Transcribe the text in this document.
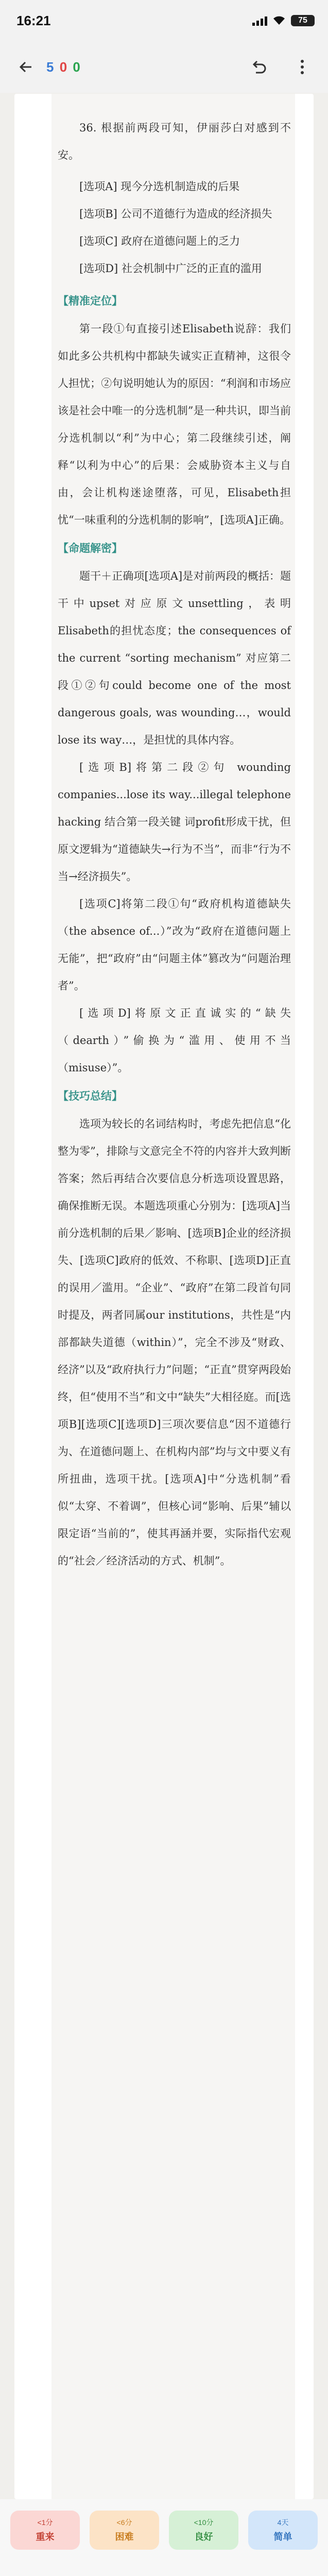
16:21	75
5 0 0

36. 根据前两段可知，伊丽莎白对感到不安。

[选项A] 现今分选机制造成的后果

[选项B] 公司不道德行为造成的经济损失

[选项C] 政府在道德问题上的乏力

[选项D] 社会机制中广泛的正直的滥用

【精准定位】

第一段①句直接引述Elisabeth说辞：我们如此多公共机构中都缺失诚实正直精神，这很令人担忧；②句说明她认为的原因：“利润和市场应该是社会中唯一的分选机制”是一种共识，即当前分选机制以“利”为中心；第二段继续引述，阐释“以利为中心”的后果：会威胁资本主义与自由，会让机构迷途堕落，可见，Elisabeth担忧“一味重利的分选机制的影响”，[选项A]正确。

【命题解密】

题干＋正确项[选项A]是对前两段的概括：题干中upset对应原文unsettling，表明Elisabeth的担忧态度；the consequences of the current “sorting mechanism” 对应第二段①②句could become one of the most dangerous goals, was wounding…，would lose its way…，是担忧的具体内容。

[选项B]将第二段②句 wounding companies...lose its way...illegal telephone hacking 结合第一段关键 词profit形成干扰，但原文逻辑为“道德缺失→行为不当”，而非“行为不当→经济损失”。

[选项C]将第二段①句“政府机构道德缺失（the absence of...）”改为“政府在道德问题上无能”，把“政府”由“问题主体”篡改为“问题治理者”。

[选项D]将原文正直诚实的“缺失（dearth）”偷换为“滥用、使用不当（misuse）”。

【技巧总结】

选项为较长的名词结构时，考虑先把信息“化整为零”，排除与文意完全不符的内容并大致判断答案；然后再结合次要信息分析选项设置思路，确保推断无误。本题选项重心分别为：[选项A]当前分选机制的后果／影响、[选项B]企业的经济损失、[选项C]政府的低效、不称职、[选项D]正直的误用／滥用。“企业”、“政府”在第二段首句同时提及，两者同属our institutions，共性是“内部都缺失道德（within）”，完全不涉及“财政、经济”以及“政府执行力”问题；“正直”贯穿两段始终，但“使用不当”和文中“缺失”大相径庭。而[选项B][选项C][选项D]三项次要信息“因不道德行为、在道德问题上、在机构内部”均与文中要义有所扭曲，选项干扰。[选项A]中“分选机制”看似“太穿、不着调”，但核心词“影响、后果”辅以限定语“当前的”，使其再涵并要，实际指代宏观的“社会／经济活动的方式、机制”。

<1分
重来
<6分
困难
<10分
良好
4天
简单
